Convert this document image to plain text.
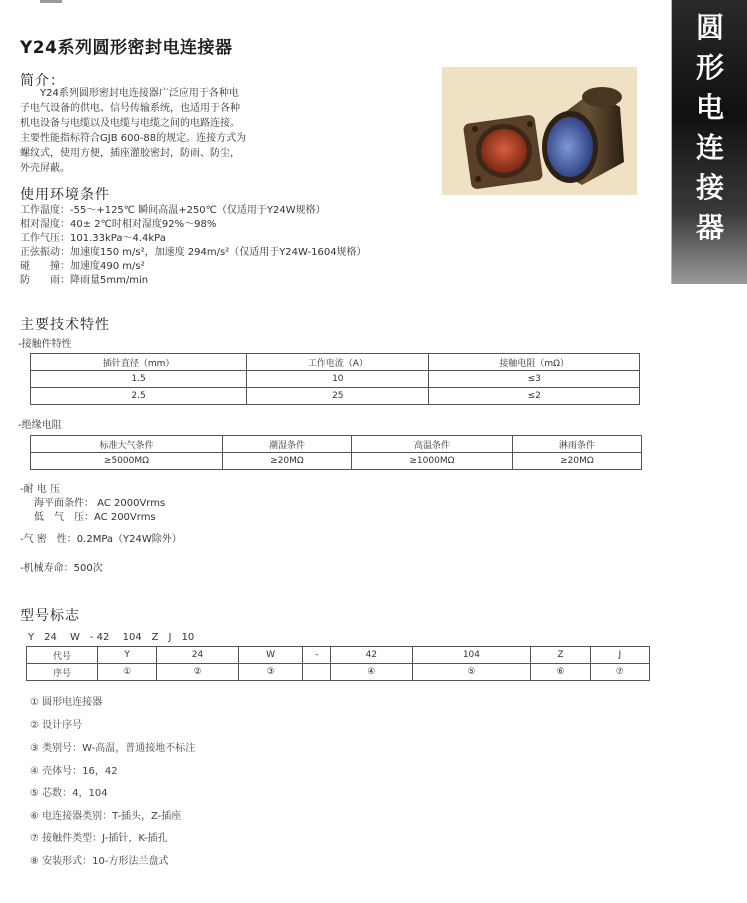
Y24系列圆形密封电连接器
圆
形
电
连
接
器
简介：
Y24系列圆形密封电连接器广泛应用于各种电
子电气设备的供电、信号传输系统，也适用于各种
机电设备与电缆以及电缆与电缆之间的电路连接。
主要性能指标符合GJB 600-88的规定。连接方式为
螺纹式，使用方便，插座灌胶密封，防雨、防尘，
外壳屏蔽。
使用环境条件
工作温度：-55～+125℃ 瞬间高温+250℃（仅适用于Y24W规格）
相对湿度：40± 2℃时相对湿度92%～98%
工作气压：101.33kPa～4.4kPa
正弦振动：加速度150 m/s²，加速度 294m/s²（仅适用于Y24W-1604规格）
碰　　撞：加速度490 m/s²
防　　雨：降雨量5mm/min
主要技术特性
-接触件特性
插针直径（mm）	工作电流（A）	接触电阻（mΩ）
1.5	10	≤3
2.5	25	≤2
-绝缘电阻
标准大气条件	潮湿条件	高温条件	淋雨条件
≥5000MΩ	≥20MΩ	≥1000MΩ	≥20MΩ
-耐 电 压
海平面条件： AC 2000Vrms
低　气　压：AC 200Vrms
-气 密　性：0.2MPa（Y24W除外）
-机械寿命：500次
型号标志
Y　24　 W　- 42　 104　Z　J　10
代号	Y	24	W	-	42	104	Z	J
序号	①	②	③		④	⑤	⑥	⑦
① 圆形电连接器
② 设计序号
③ 类别号：W-高温，普通接地不标注
④ 壳体号：16，42
⑤ 芯数：4，104
⑥ 电连接器类别：T-插头，Z-插座
⑦ 接触件类型：J-插针，K-插孔
⑧ 安装形式：10-方形法兰盘式
